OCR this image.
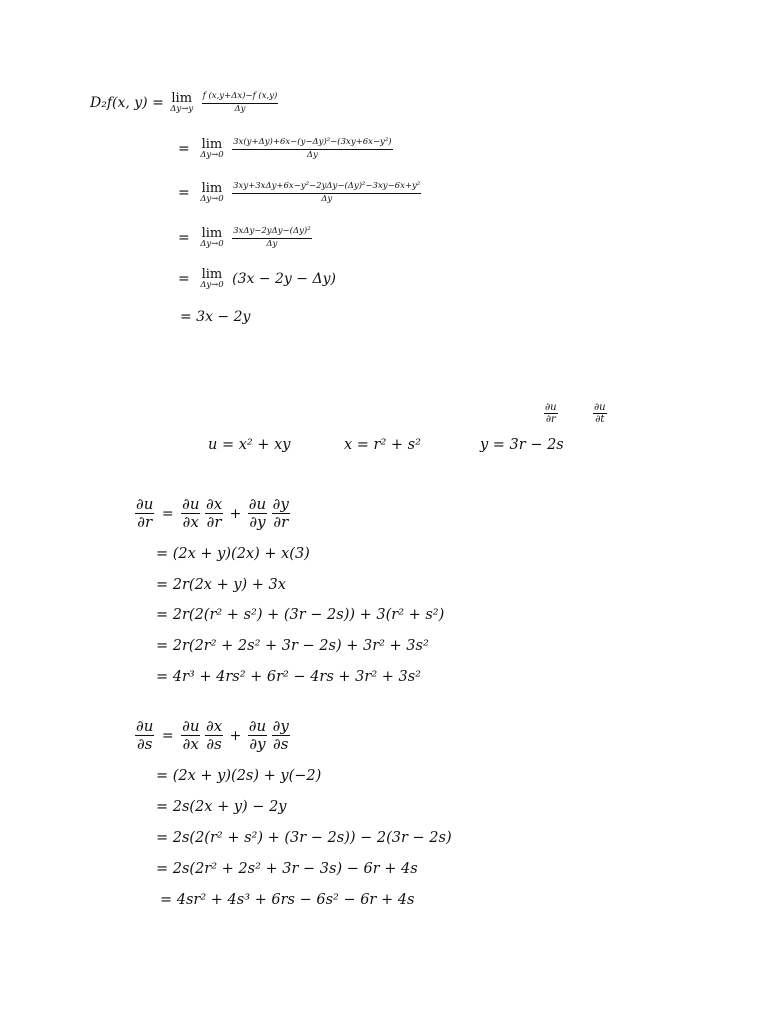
D₂f(x, y) = lim
Δy→y
$\frac{f (x,y+\Delta x)-f (x,y)}{\Delta y}$
= lim
Δy→0
$\frac{\text{3x(y+Δy)+6x−(y−Δy)²−(3xy+6x−y²)}}{\Delta y}$
= lim
Δy→0
$\frac{\text{3xy+3xΔy+6x−y²−2yΔy−(Δy)²−3xy−6x+y²}}{\Delta y}$
= lim
Δy→0
$\frac{\text{3xΔy−2yΔy−(Δy)²}}{\Delta y}$
= lim
Δy→0 (3x − 2y − Δy)
= 3x − 2y
$\frac{\partial u}{\partial r}$	$\frac{\partial u}{\partial t}$
u = x² + xy	x = r² + s²	y = 3r − 2s
$\frac{\partial u}{\partial r} = \frac{\partial u}{\partial x}$
$\frac{\partial x}{\partial r} + \frac{\partial u}{\partial y}$
$\frac{\partial y}{\partial r}$
= (2x + y)(2x) + x(3)
= 2r(2x + y) + 3x
= 2r(2(r² + s²) + (3r − 2s)) + 3(r² + s²)
= 2r(2r² + 2s² + 3r − 2s) + 3r² + 3s²
= 4r³ + 4rs² + 6r² − 4rs + 3r² + 3s²
$\frac{\partial u}{\partial s} = \frac{\partial u}{\partial x}$
$\frac{\partial x}{\partial s} + \frac{\partial u}{\partial y}$
$\frac{\partial y}{\partial s}$
= (2x + y)(2s) + y(−2)
= 2s(2x + y) − 2y
= 2s(2(r² + s²) + (3r − 2s)) − 2(3r − 2s)
= 2s(2r² + 2s² + 3r − 3s) − 6r + 4s
= 4sr² + 4s³ + 6rs − 6s² − 6r + 4s
